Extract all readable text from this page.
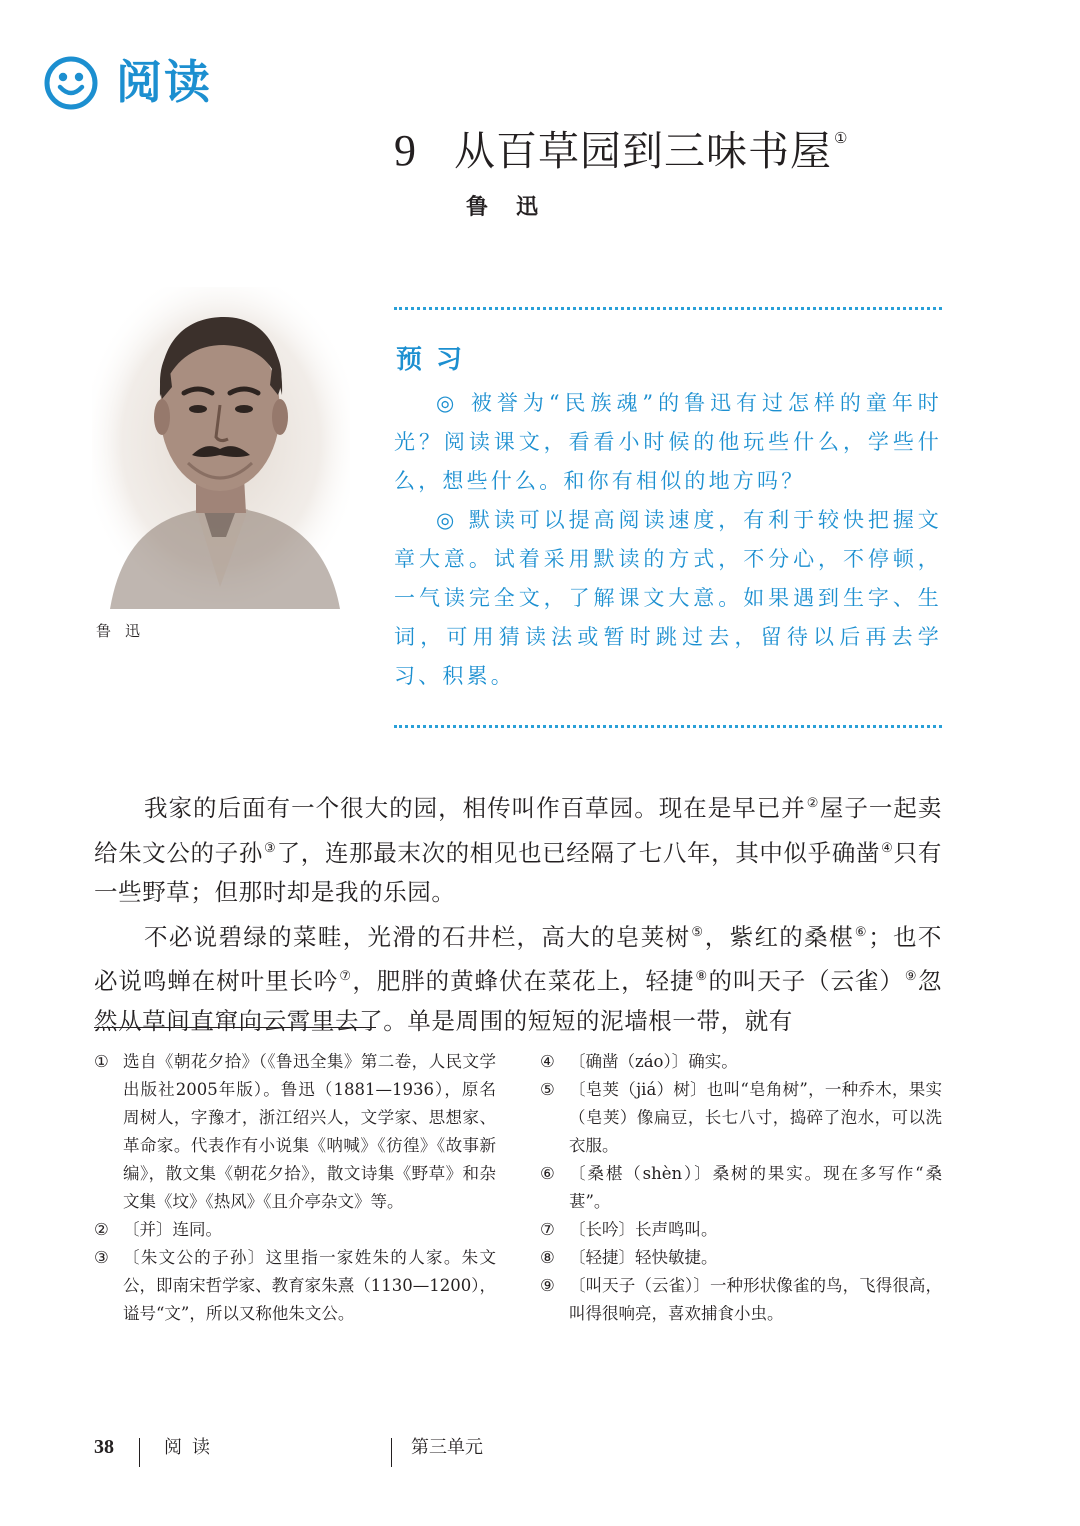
阅读
9 从百草园到三味书屋 ①
鲁迅
鲁迅
预习

◎ 被誉为“民族魂”的鲁迅有过怎样的童年时光？阅读课文，看看小时候的他玩些什么，学些什么，想些什么。和你有相似的地方吗？

◎ 默读可以提高阅读速度，有利于较快把握文章大意。试着采用默读的方式，不分心，不停顿，一气读完全文，了解课文大意。如果遇到生字、生词，可用猜读法或暂时跳过去，留待以后再去学习、积累。

我家的后面有一个很大的园，相传叫作百草园。现在是早已并②屋子一起卖给朱文公的子孙③了，连那最末次的相见也已经隔了七八年，其中似乎确凿④只有一些野草；但那时却是我的乐园。

不必说碧绿的菜畦，光滑的石井栏，高大的皂荚树⑤，紫红的桑椹⑥；也不必说鸣蝉在树叶里长吟⑦，肥胖的黄蜂伏在菜花上，轻捷⑧的叫天子（云雀）⑨忽然从草间直窜向云霄里去了。单是周围的短短的泥墙根一带，就有

① 选自《朝花夕拾》（《鲁迅全集》第二卷，人民文学出版社2005年版）。鲁迅（1881—1936），原名周树人，字豫才，浙江绍兴人，文学家、思想家、革命家。代表作有小说集《呐喊》《彷徨》《故事新编》，散文集《朝花夕拾》，散文诗集《野草》和杂文集《坟》《热风》《且介亭杂文》等。
② 〔并〕连同。
③ 〔朱文公的子孙〕这里指一家姓朱的人家。朱文公，即南宋哲学家、教育家朱熹（1130—1200），谥号“文”，所以又称他朱文公。
④ 〔确凿（záo）〕确实。
⑤ 〔皂荚（jiá）树〕也叫“皂角树”，一种乔木，果实（皂荚）像扁豆，长七八寸，捣碎了泡水，可以洗衣服。
⑥ 〔桑椹（shèn）〕桑树的果实。现在多写作“桑葚”。
⑦ 〔长吟〕长声鸣叫。
⑧ 〔轻捷〕轻快敏捷。
⑨ 〔叫天子（云雀）〕一种形状像雀的鸟，飞得很高，叫得很响亮，喜欢捕食小虫。
38	阅读	第三单元
